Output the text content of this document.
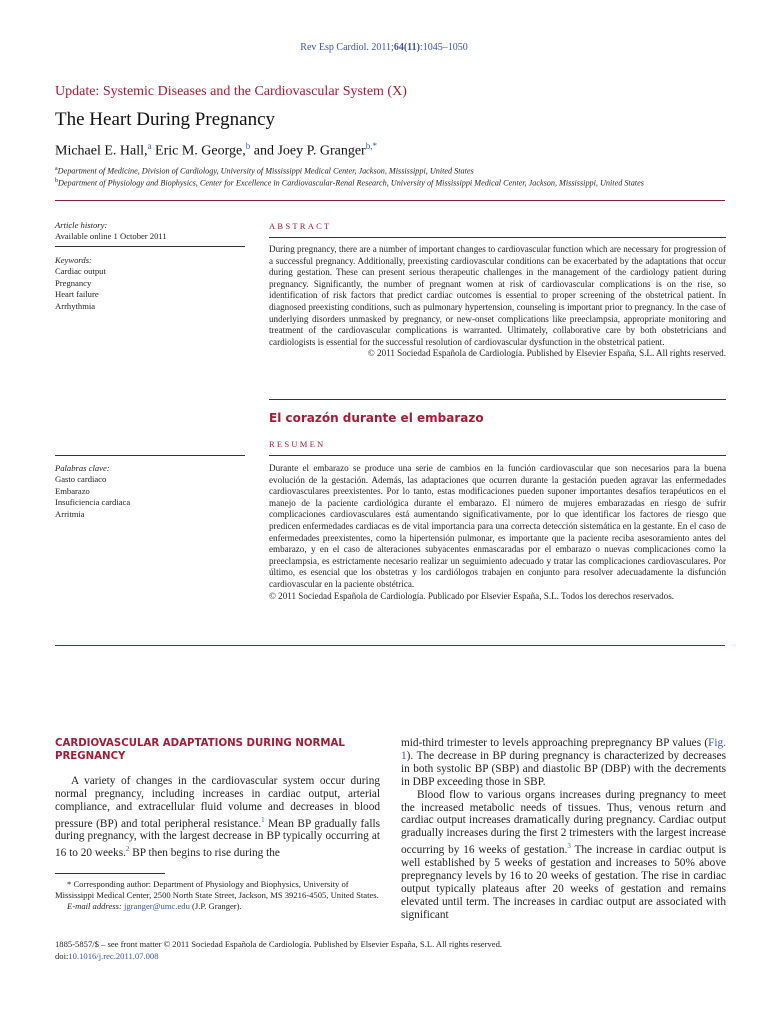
Rev Esp Cardiol. 2011;64(11):1045–1050
Update: Systemic Diseases and the Cardiovascular System (X)
The Heart During Pregnancy
Michael E. Hall,$^a$ Eric M. George,$^b$ and Joey P. Granger$^{b,*}$
$^a$Department of Medicine, Division of Cardiology, University of Mississippi Medical Center, Jackson, Mississippi, United States
$^b$Department of Physiology and Biophysics, Center for Excellence in Cardiovascular-Renal Research, University of Mississippi Medical Center, Jackson, Mississippi, United States
Article history:
Available online 1 October 2011
Keywords:
Cardiac output
Pregnancy
Heart failure
Arrhythmia
ABSTRACT

During pregnancy, there are a number of important changes to cardiovascular function which are necessary for progression of a successful pregnancy. Additionally, preexisting cardiovascular conditions can be exacerbated by the adaptations that occur during gestation. These can present serious therapeutic challenges in the management of the cardiology patient during pregnancy. Significantly, the number of pregnant women at risk of cardiovascular complications is on the rise, so identification of risk factors that predict cardiac outcomes is essential to proper screening of the obstetrical patient. In diagnosed preexisting conditions, such as pulmonary hypertension, counseling is important prior to pregnancy. In the case of underlying disorders unmasked by pregnancy, or new-onset complications like preeclampsia, appropriate monitoring and treatment of the cardiovascular complications is warranted. Ultimately, collaborative care by both obstetricians and cardiologists is essential for the successful resolution of cardiovascular dysfunction in the obstetrical patient.

© 2011 Sociedad Española de Cardiología. Published by Elsevier España, S.L. All rights reserved.

El corazón durante el embarazo
RESUMEN
Palabras clave:
Gasto cardiaco
Embarazo
Insuficiencia cardiaca
Arritmia

Durante el embarazo se produce una serie de cambios en la función cardiovascular que son necesarios para la buena evolución de la gestación. Además, las adaptaciones que ocurren durante la gestación pueden agravar las enfermedades cardiovasculares preexistentes. Por lo tanto, estas modificaciones pueden suponer importantes desafíos terapéuticos en el manejo de la paciente cardiológica durante el embarazo. El número de mujeres embarazadas en riesgo de sufrir complicaciones cardiovasculares está aumentando significativamente, por lo que identificar los factores de riesgo que predicen enfermedades cardiacas es de vital importancia para una correcta detección sistemática en la gestante. En el caso de enfermedades preexistentes, como la hipertensión pulmonar, es importante que la paciente reciba asesoramiento antes del embarazo, y en el caso de alteraciones subyacentes enmascaradas por el embarazo o nuevas complicaciones como la preeclampsia, es estrictamente necesario realizar un seguimiento adecuado y tratar las complicaciones cardiovasculares. Por último, es esencial que los obstetras y los cardiólogos trabajen en conjunto para resolver adecuadamente la disfunción cardiovascular en la paciente obstétrica.

© 2011 Sociedad Española de Cardiología. Publicado por Elsevier España, S.L. Todos los derechos reservados.

CARDIOVASCULAR ADAPTATIONS DURING NORMAL PREGNANCY

A variety of changes in the cardiovascular system occur during normal pregnancy, including increases in cardiac output, arterial compliance, and extracellular fluid volume and decreases in blood pressure (BP) and total peripheral resistance.$^1$ Mean BP gradually falls during pregnancy, with the largest decrease in BP typically occurring at 16 to 20 weeks.$^2$ BP then begins to rise during the

* Corresponding author: Department of Physiology and Biophysics, University of Mississippi Medical Center, 2500 North State Street, Jackson, MS 39216-4505, United States.

E-mail address: jgranger@umc.edu (J.P. Granger).

mid-third trimester to levels approaching prepregnancy BP values (Fig. 1). The decrease in BP during pregnancy is characterized by decreases in both systolic BP (SBP) and diastolic BP (DBP) with the decrements in DBP exceeding those in SBP.

Blood flow to various organs increases during pregnancy to meet the increased metabolic needs of tissues. Thus, venous return and cardiac output increases dramatically during pregnancy. Cardiac output gradually increases during the first 2 trimesters with the largest increase occurring by 16 weeks of gestation.$^3$ The increase in cardiac output is well established by 5 weeks of gestation and increases to 50% above prepregnancy levels by 16 to 20 weeks of gestation. The rise in cardiac output typically plateaus after 20 weeks of gestation and remains elevated until term. The increases in cardiac output are associated with significant

1885-5857/$ – see front matter © 2011 Sociedad Española de Cardiología. Published by Elsevier España, S.L. All rights reserved.
doi:10.1016/j.rec.2011.07.008
